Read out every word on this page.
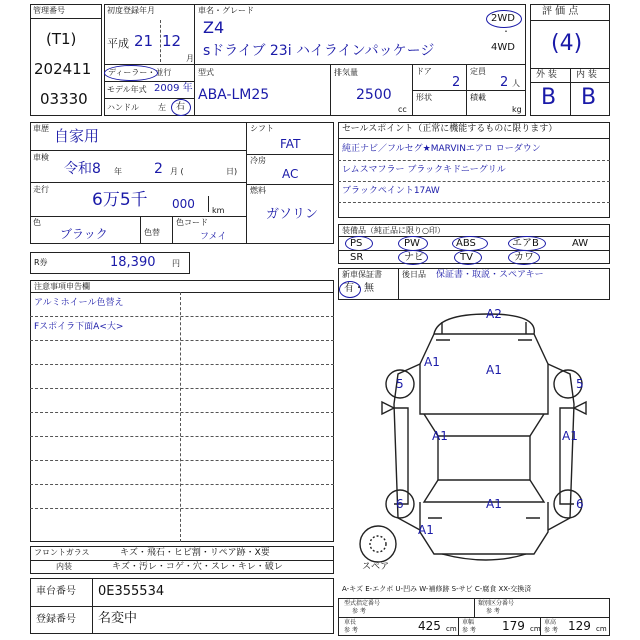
管理番号
(T1)
202411
03330
初度登録年月
平成 21 12
月
車名・グレード
Z4
sドライブ 23i ハイラインパッケージ
2WD
・
4WD
ディーラー・並行
モデル年式 2009 年
ハンドル 左 右
型式
ABA-LM25
排気量
2500
cc
ドア
2
定員
2 人
形状	積載
kg
評 価 点
(4)
外 装 内 装
B B
車歴 自家用
車検
令和8 年 2 月 (	日)
走行
6万5千 000 km
色
ブラック	色替
色コード
フメイ
シフト
FAT
冷房
AC
燃料
ガソリン
R券	18,390 円
セールスポイント（正常に機能するものに限ります）
純正ナビ／フルセグ★MARVINエアロ ローダウン
レムスマフラー ブラックキドニーグリル
ブラックペイント17AW
装備品（純正品に限り○印）
PS	PW	ABS	エアB	AW
SR	ナビ	TV	カワ
新車保証書
有・無
後日品 保証書・取説・スペアキー
注意事項申告欄
アルミホイール色替え
Fスポイラ下面A<大>
A2
A1
A1
5	5
A1	A1
6	6
A1
A1
スペア
A-キズ E-エクボ U-凹み W-補修跡 S-サビ C-腐食 XX-交換済
フロントガラス	キズ・飛石・ヒビ割・リペア跡・X要
内装	キズ・汚レ・コゲ・穴・スレ・キレ・破レ
車台番号 0E355534
登録番号 名変中
型式指定番号
参 考
類別区分番号
参 考
車長
参 考	425 cm
車幅
参 考 179 cm
車高
参 考 129 cm
